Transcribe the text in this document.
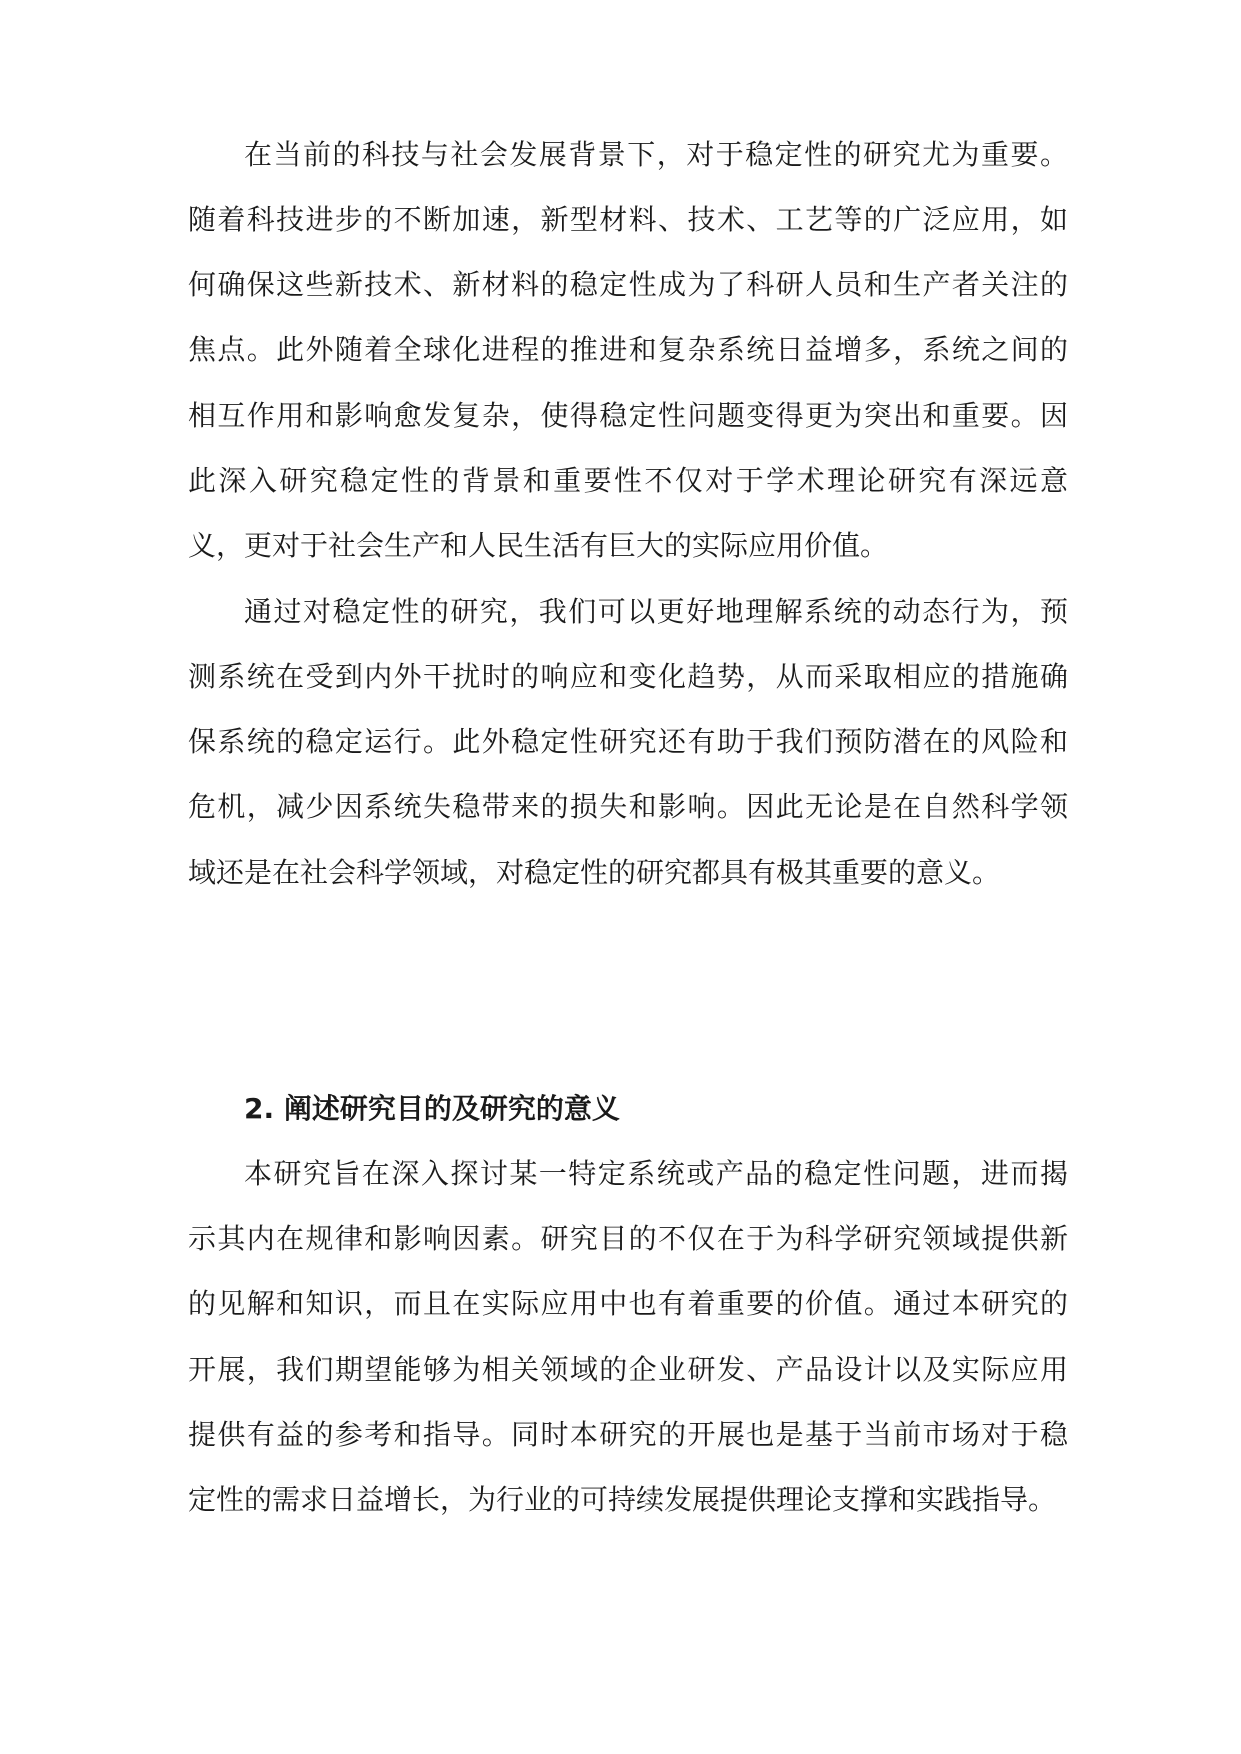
在当前的科技与社会发展背景下，对于稳定性的研究尤为重要。
随着科技进步的不断加速，新型材料、技术、工艺等的广泛应用，如
何确保这些新技术、新材料的稳定性成为了科研人员和生产者关注的
焦点。此外随着全球化进程的推进和复杂系统日益增多，系统之间的
相互作用和影响愈发复杂，使得稳定性问题变得更为突出和重要。因
此深入研究稳定性的背景和重要性不仅对于学术理论研究有深远意
义，更对于社会生产和人民生活有巨大的实际应用价值。
通过对稳定性的研究，我们可以更好地理解系统的动态行为，预
测系统在受到内外干扰时的响应和变化趋势，从而采取相应的措施确
保系统的稳定运行。此外稳定性研究还有助于我们预防潜在的风险和
危机，减少因系统失稳带来的损失和影响。因此无论是在自然科学领
域还是在社会科学领域，对稳定性的研究都具有极其重要的意义。
2. 阐述研究目的及研究的意义
本研究旨在深入探讨某一特定系统或产品的稳定性问题，进而揭
示其内在规律和影响因素。研究目的不仅在于为科学研究领域提供新
的见解和知识，而且在实际应用中也有着重要的价值。通过本研究的
开展，我们期望能够为相关领域的企业研发、产品设计以及实际应用
提供有益的参考和指导。同时本研究的开展也是基于当前市场对于稳
定性的需求日益增长，为行业的可持续发展提供理论支撑和实践指导。
